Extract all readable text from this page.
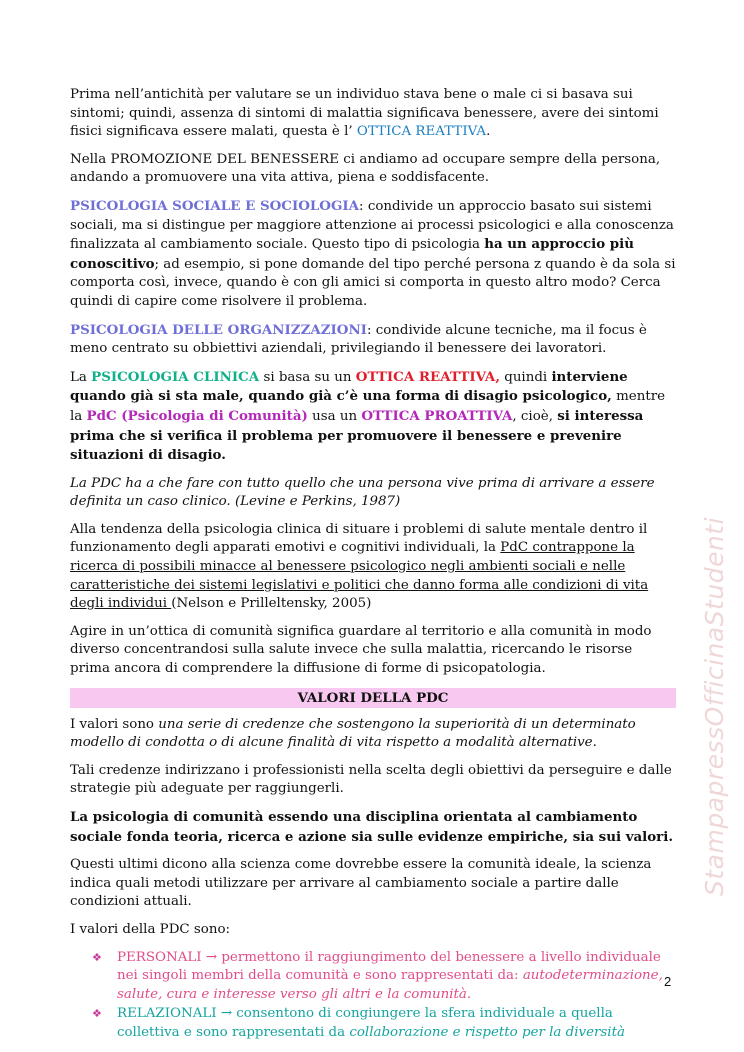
Prima nell’antichità per valutare se un individuo stava bene o male ci si basava sui sintomi; quindi, assenza di sintomi di malattia significava benessere, avere dei sintomi fisici significava essere malati, questa è l’ OTTICA REATTIVA.

Nella PROMOZIONE DEL BENESSERE ci andiamo ad occupare sempre della persona, andando a promuovere una vita attiva, piena e soddisfacente.

PSICOLOGIA SOCIALE E SOCIOLOGIA: condivide un approccio basato sui sistemi sociali, ma si distingue per maggiore attenzione ai processi psicologici e alla conoscenza finalizzata al cambiamento sociale. Questo tipo di psicologia ha un approccio più conoscitivo; ad esempio, si pone domande del tipo perché persona z quando è da sola si comporta così, invece, quando è con gli amici si comporta in questo altro modo? Cerca quindi di capire come risolvere il problema.

PSICOLOGIA DELLE ORGANIZZAZIONI: condivide alcune tecniche, ma il focus è meno centrato su obbiettivi aziendali, privilegiando il benessere dei lavoratori.

La PSICOLOGIA CLINICA si basa su un OTTICA REATTIVA, quindi interviene quando già si sta male, quando già c’è una forma di disagio psicologico, mentre la PdC (Psicologia di Comunità) usa un OTTICA PROATTIVA, cioè, si interessa prima che si verifica il problema per promuovere il benessere e prevenire situazioni di disagio.

La PDC ha a che fare con tutto quello che una persona vive prima di arrivare a essere definita un caso clinico. (Levine e Perkins, 1987)

Alla tendenza della psicologia clinica di situare i problemi di salute mentale dentro il funzionamento degli apparati emotivi e cognitivi individuali, la PdC contrappone la ricerca di possibili minacce al benessere psicologico negli ambienti sociali e nelle caratteristiche dei sistemi legislativi e politici che danno forma alle condizioni di vita degli individui (Nelson e Prilleltensky, 2005)

Agire in un’ottica di comunità significa guardare al territorio e alla comunità in modo diverso concentrandosi sulla salute invece che sulla malattia, ricercando le risorse prima ancora di comprendere la diffusione di forme di psicopatologia.

VALORI DELLA PDC

I valori sono una serie di credenze che sostengono la superiorità di un determinato modello di condotta o di alcune finalità di vita rispetto a modalità alternative.

Tali credenze indirizzano i professionisti nella scelta degli obiettivi da perseguire e dalle strategie più adeguate per raggiungerli.

La psicologia di comunità essendo una disciplina orientata al cambiamento sociale fonda teoria, ricerca e azione sia sulle evidenze empiriche, sia sui valori.

Questi ultimi dicono alla scienza come dovrebbe essere la comunità ideale, la scienza indica quali metodi utilizzare per arrivare al cambiamento sociale a partire dalle condizioni attuali.

I valori della PDC sono:

❖ PERSONALI → permettono il raggiungimento del benessere a livello individuale nei singoli membri della comunità e sono rappresentati da: autodeterminazione, salute, cura e interesse verso gli altri e la comunità.
❖ RELAZIONALI → consentono di congiungere la sfera individuale a quella collettiva e sono rappresentati da collaborazione e rispetto per la diversità
StampapressOfficinaStudenti
2
